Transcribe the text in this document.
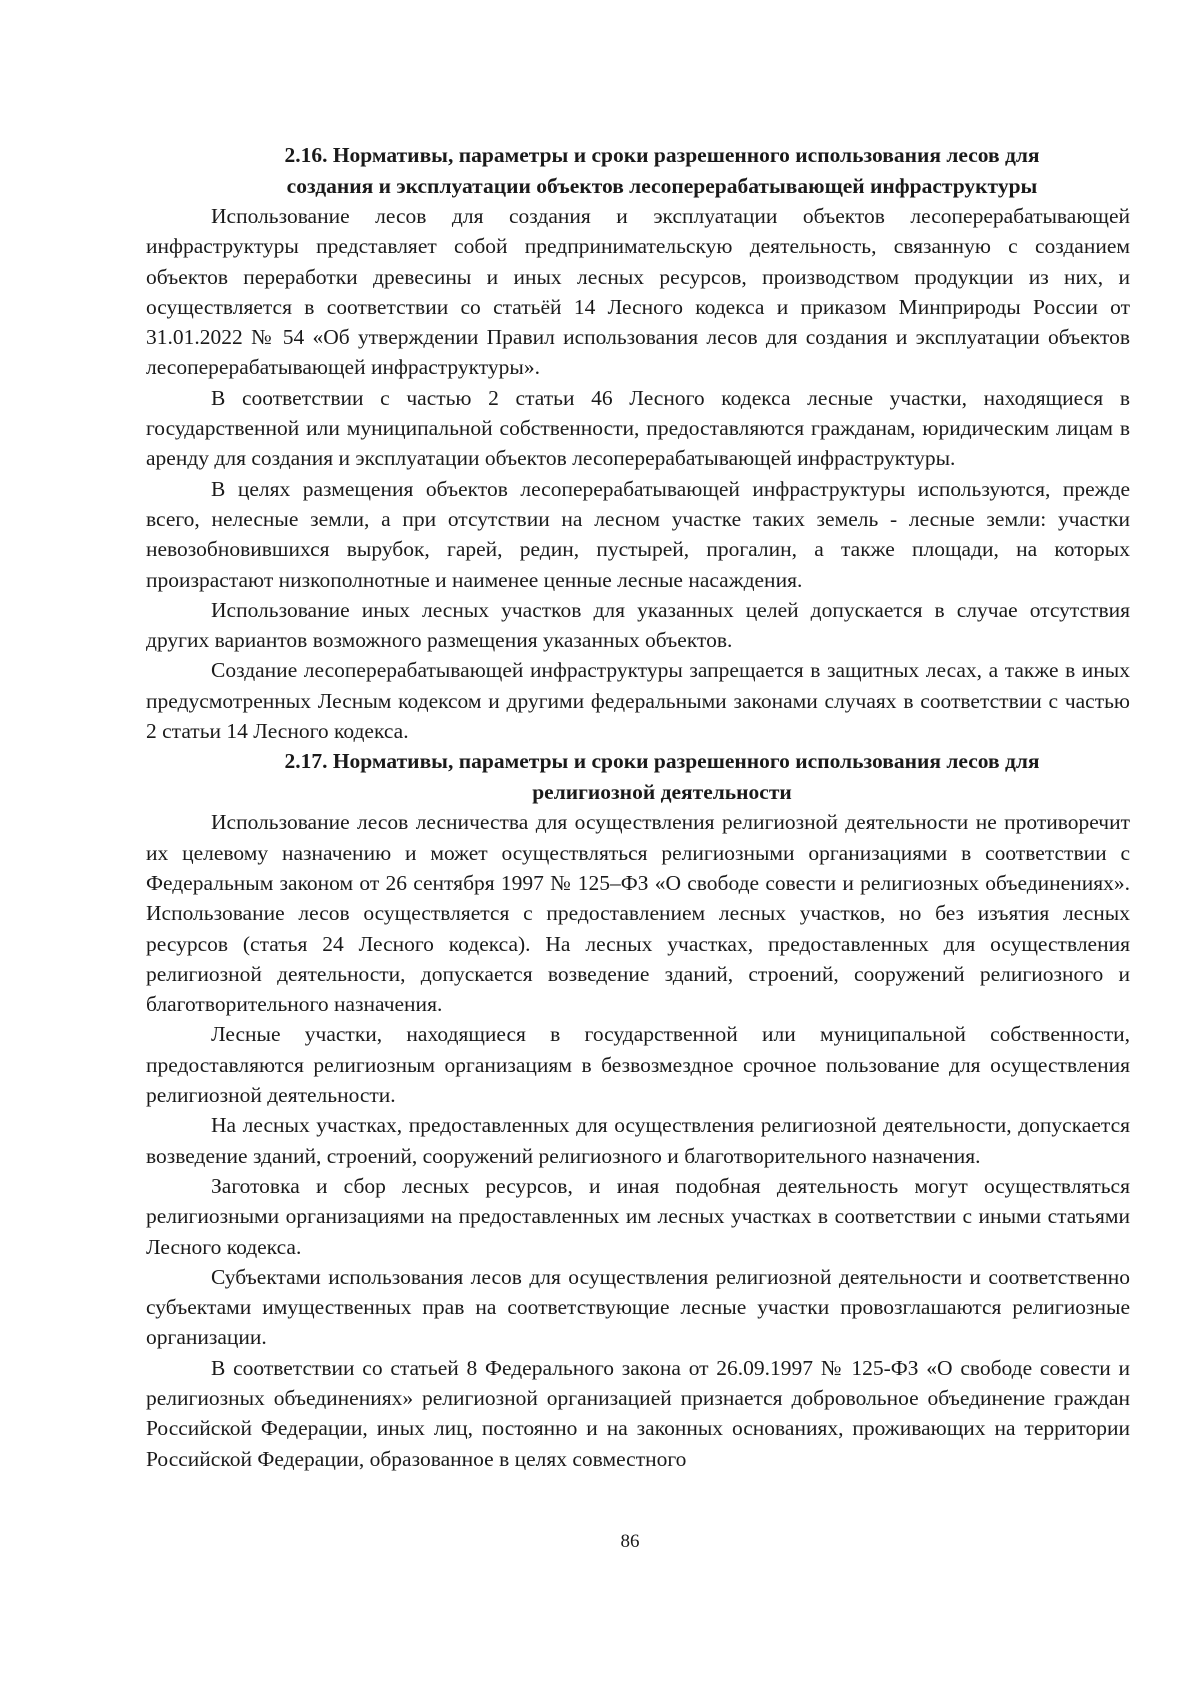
2.16. Нормативы, параметры и сроки разрешенного использования лесов для
создания и эксплуатации объектов лесоперерабатывающей инфраструктуры

Использование лесов для создания и эксплуатации объектов лесоперерабатывающей инфраструктуры представляет собой предпринимательскую деятельность, связанную с созданием объектов переработки древесины и иных лесных ресурсов, производством продукции из них, и осуществляется в соответствии со статьёй 14 Лесного кодекса и приказом Минприроды России от 31.01.2022 № 54 «Об утверждении Правил использования лесов для создания и эксплуатации объектов лесоперерабатывающей инфраструктуры».

В соответствии с частью 2 статьи 46 Лесного кодекса лесные участки, находящиеся в государственной или муниципальной собственности, предоставляются гражданам, юридическим лицам в аренду для создания и эксплуатации объектов лесоперерабатывающей инфраструктуры.

В целях размещения объектов лесоперерабатывающей инфраструктуры используются, прежде всего, нелесные земли, а при отсутствии на лесном участке таких земель - лесные земли: участки невозобновившихся вырубок, гарей, редин, пустырей, прогалин, а также площади, на которых произрастают низкополнотные и наименее ценные лесные насаждения.

Использование иных лесных участков для указанных целей допускается в случае отсутствия других вариантов возможного размещения указанных объектов.

Создание лесоперерабатывающей инфраструктуры запрещается в защитных лесах, а также в иных предусмотренных Лесным кодексом и другими федеральными законами случаях в соответствии с частью 2 статьи 14 Лесного кодекса.

2.17. Нормативы, параметры и сроки разрешенного использования лесов для
религиозной деятельности

Использование лесов лесничества для осуществления религиозной деятельности не противоречит их целевому назначению и может осуществляться религиозными организациями в соответствии с Федеральным законом от 26 сентября 1997 № 125–ФЗ «О свободе совести и религиозных объединениях». Использование лесов осуществляется с предоставлением лесных участков, но без изъятия лесных ресурсов (статья 24 Лесного кодекса). На лесных участках, предоставленных для осуществления религиозной деятельности, допускается возведение зданий, строений, сооружений религиозного и благотворительного назначения.

Лесные участки, находящиеся в государственной или муниципальной собственности, предоставляются религиозным организациям в безвозмездное срочное пользование для осуществления религиозной деятельности.

На лесных участках, предоставленных для осуществления религиозной деятельности, допускается возведение зданий, строений, сооружений религиозного и благотворительного назначения.

Заготовка и сбор лесных ресурсов, и иная подобная деятельность могут осуществляться религиозными организациями на предоставленных им лесных участках в соответствии с иными статьями Лесного кодекса.

Субъектами использования лесов для осуществления религиозной деятельности и соответственно субъектами имущественных прав на соответствующие лесные участки провозглашаются религиозные организации.

В соответствии со статьей 8 Федерального закона от 26.09.1997 № 125-ФЗ «О свободе совести и религиозных объединениях» религиозной организацией признается добровольное объединение граждан Российской Федерации, иных лиц, постоянно и на законных основаниях, проживающих на территории Российской Федерации, образованное в целях совместного

86
